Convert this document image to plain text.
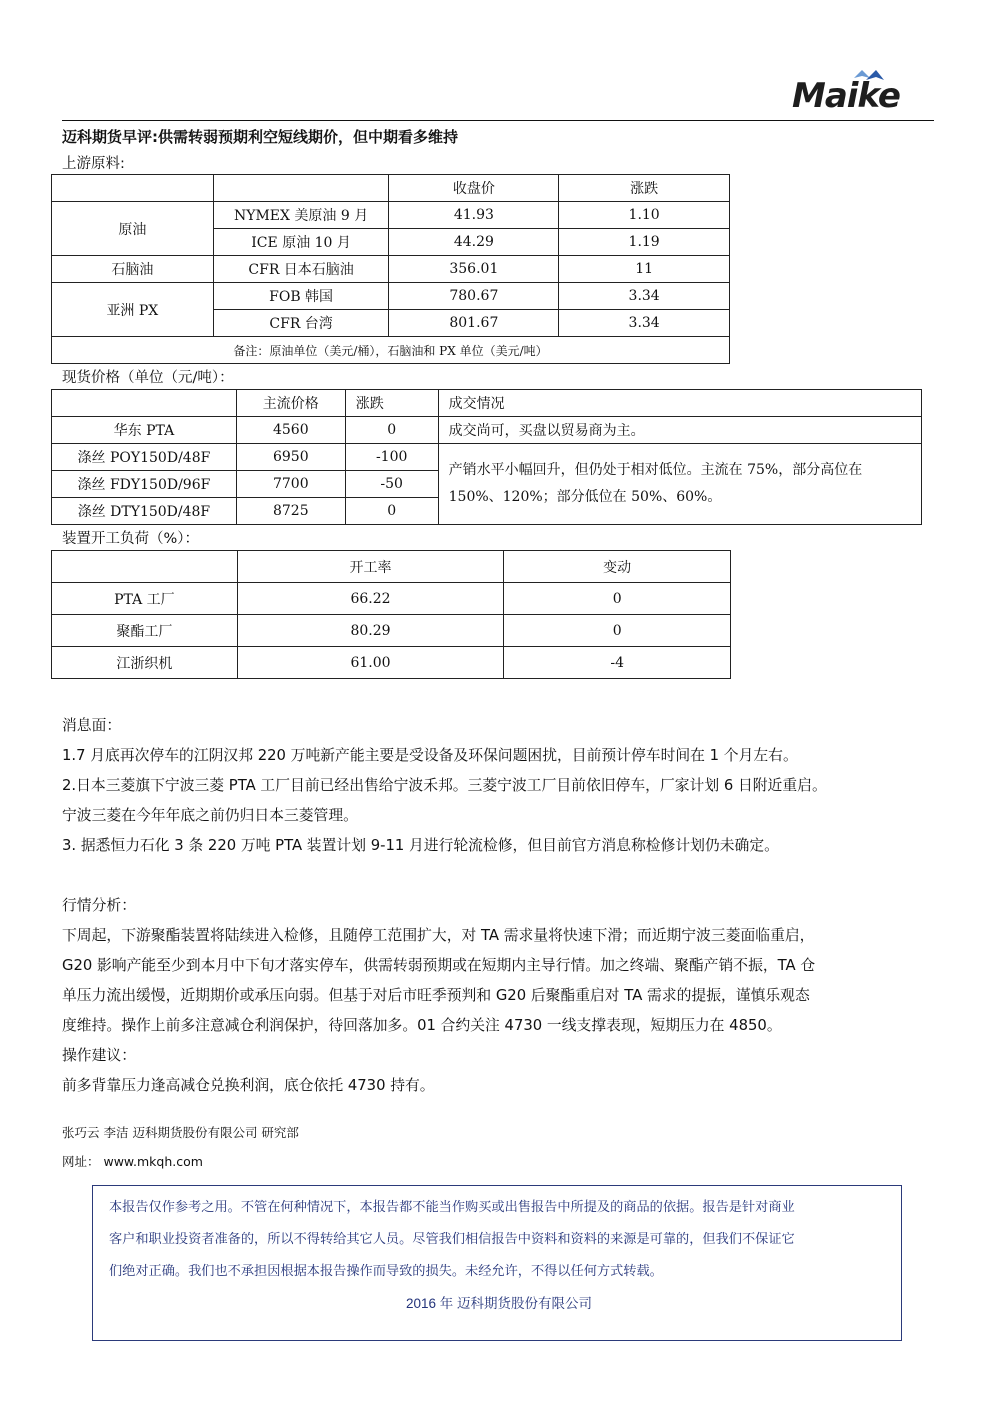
Maike
迈科期货早评:供需转弱预期利空短线期价，但中期看多维持
上游原料:
		收盘价	涨跌
原油	NYMEX 美原油 9 月	41.93	1.10
	ICE 原油 10 月	44.29	1.19
石脑油	CFR 日本石脑油	356.01	11
亚洲 PX	FOB 韩国	780.67	3.34
	CFR 台湾	801.67	3.34
备注：原油单位（美元/桶），石脑油和 PX 单位（美元/吨）			
现货价格（单位（元/吨）：
	主流价格	涨跌	成交情况
华东 PTA	4560	0	成交尚可，买盘以贸易商为主。
涤丝 POY150D/48F	6950	-100	产销水平小幅回升，但仍处于相对低位。主流在 75%，部分高位在 150%、120%；部分低位在 50%、60%。
涤丝 FDY150D/96F	7700	-50	
涤丝 DTY150D/48F	8725	0	
装置开工负荷（%）：
	开工率	变动
PTA 工厂	66.22	0
聚酯工厂	80.29	0
江浙织机	61.00	-4

消息面：

1.7 月底再次停车的江阴汉邦 220 万吨新产能主要是受设备及环保问题困扰，目前预计停车时间在 1 个月左右。

2.日本三菱旗下宁波三菱 PTA 工厂目前已经出售给宁波禾邦。三菱宁波工厂目前依旧停车，厂家计划 6 日附近重启。

宁波三菱在今年年底之前仍归日本三菱管理。

3. 据悉恒力石化 3 条 220 万吨 PTA 装置计划 9-11 月进行轮流检修，但目前官方消息称检修计划仍未确定。

行情分析：

下周起，下游聚酯装置将陆续进入检修，且随停工范围扩大，对 TA 需求量将快速下滑；而近期宁波三菱面临重启，

G20 影响产能至少到本月中下旬才落实停车，供需转弱预期或在短期内主导行情。加之终端、聚酯产销不振，TA 仓

单压力流出缓慢，近期期价或承压向弱。但基于对后市旺季预判和 G20 后聚酯重启对 TA 需求的提振，谨慎乐观态

度维持。操作上前多注意减仓利润保护，待回落加多。01 合约关注 4730 一线支撑表现，短期压力在 4850。

操作建议：

前多背靠压力逢高减仓兑换利润，底仓依托 4730 持有。

张巧云 李洁 迈科期货股份有限公司 研究部
网址： www.mkqh.com
本报告仅作参考之用。不管在何种情况下，本报告都不能当作购买或出售报告中所提及的商品的依据。报告是针对商业
客户和职业投资者准备的，所以不得转给其它人员。尽管我们相信报告中资料和资料的来源是可靠的，但我们不保证它
们绝对正确。我们也不承担因根据本报告操作而导致的损失。未经允许，不得以任何方式转载。
2016 年 迈科期货股份有限公司
